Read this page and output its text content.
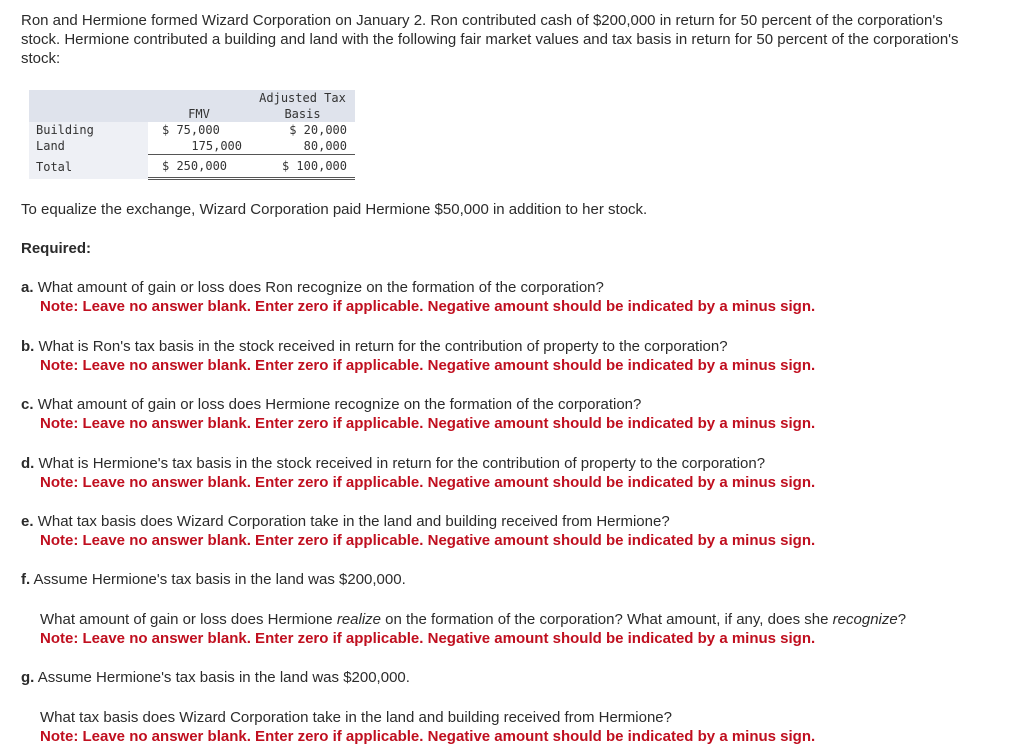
Ron and Hermione formed Wizard Corporation on January 2. Ron contributed cash of $200,000 in return for 50 percent of the corporation's stock. Hermione contributed a building and land with the following fair market values and tax basis in return for 50 percent of the corporation's stock:
	FMV	Adjusted Tax
Basis
Building	$ 75,000	$ 20,000
Land	175,000	80,000
Total	$ 250,000	$ 100,000
To equalize the exchange, Wizard Corporation paid Hermione $50,000 in addition to her stock.
Required:
a. What amount of gain or loss does Ron recognize on the formation of the corporation?
Note: Leave no answer blank. Enter zero if applicable. Negative amount should be indicated by a minus sign.
b. What is Ron's tax basis in the stock received in return for the contribution of property to the corporation?
Note: Leave no answer blank. Enter zero if applicable. Negative amount should be indicated by a minus sign.
c. What amount of gain or loss does Hermione recognize on the formation of the corporation?
Note: Leave no answer blank. Enter zero if applicable. Negative amount should be indicated by a minus sign.
d. What is Hermione's tax basis in the stock received in return for the contribution of property to the corporation?
Note: Leave no answer blank. Enter zero if applicable. Negative amount should be indicated by a minus sign.
e. What tax basis does Wizard Corporation take in the land and building received from Hermione?
Note: Leave no answer blank. Enter zero if applicable. Negative amount should be indicated by a minus sign.
f. Assume Hermione's tax basis in the land was $200,000.
What amount of gain or loss does Hermione realize on the formation of the corporation? What amount, if any, does she recognize?
Note: Leave no answer blank. Enter zero if applicable. Negative amount should be indicated by a minus sign.
g. Assume Hermione's tax basis in the land was $200,000.
What tax basis does Wizard Corporation take in the land and building received from Hermione?
Note: Leave no answer blank. Enter zero if applicable. Negative amount should be indicated by a minus sign.
